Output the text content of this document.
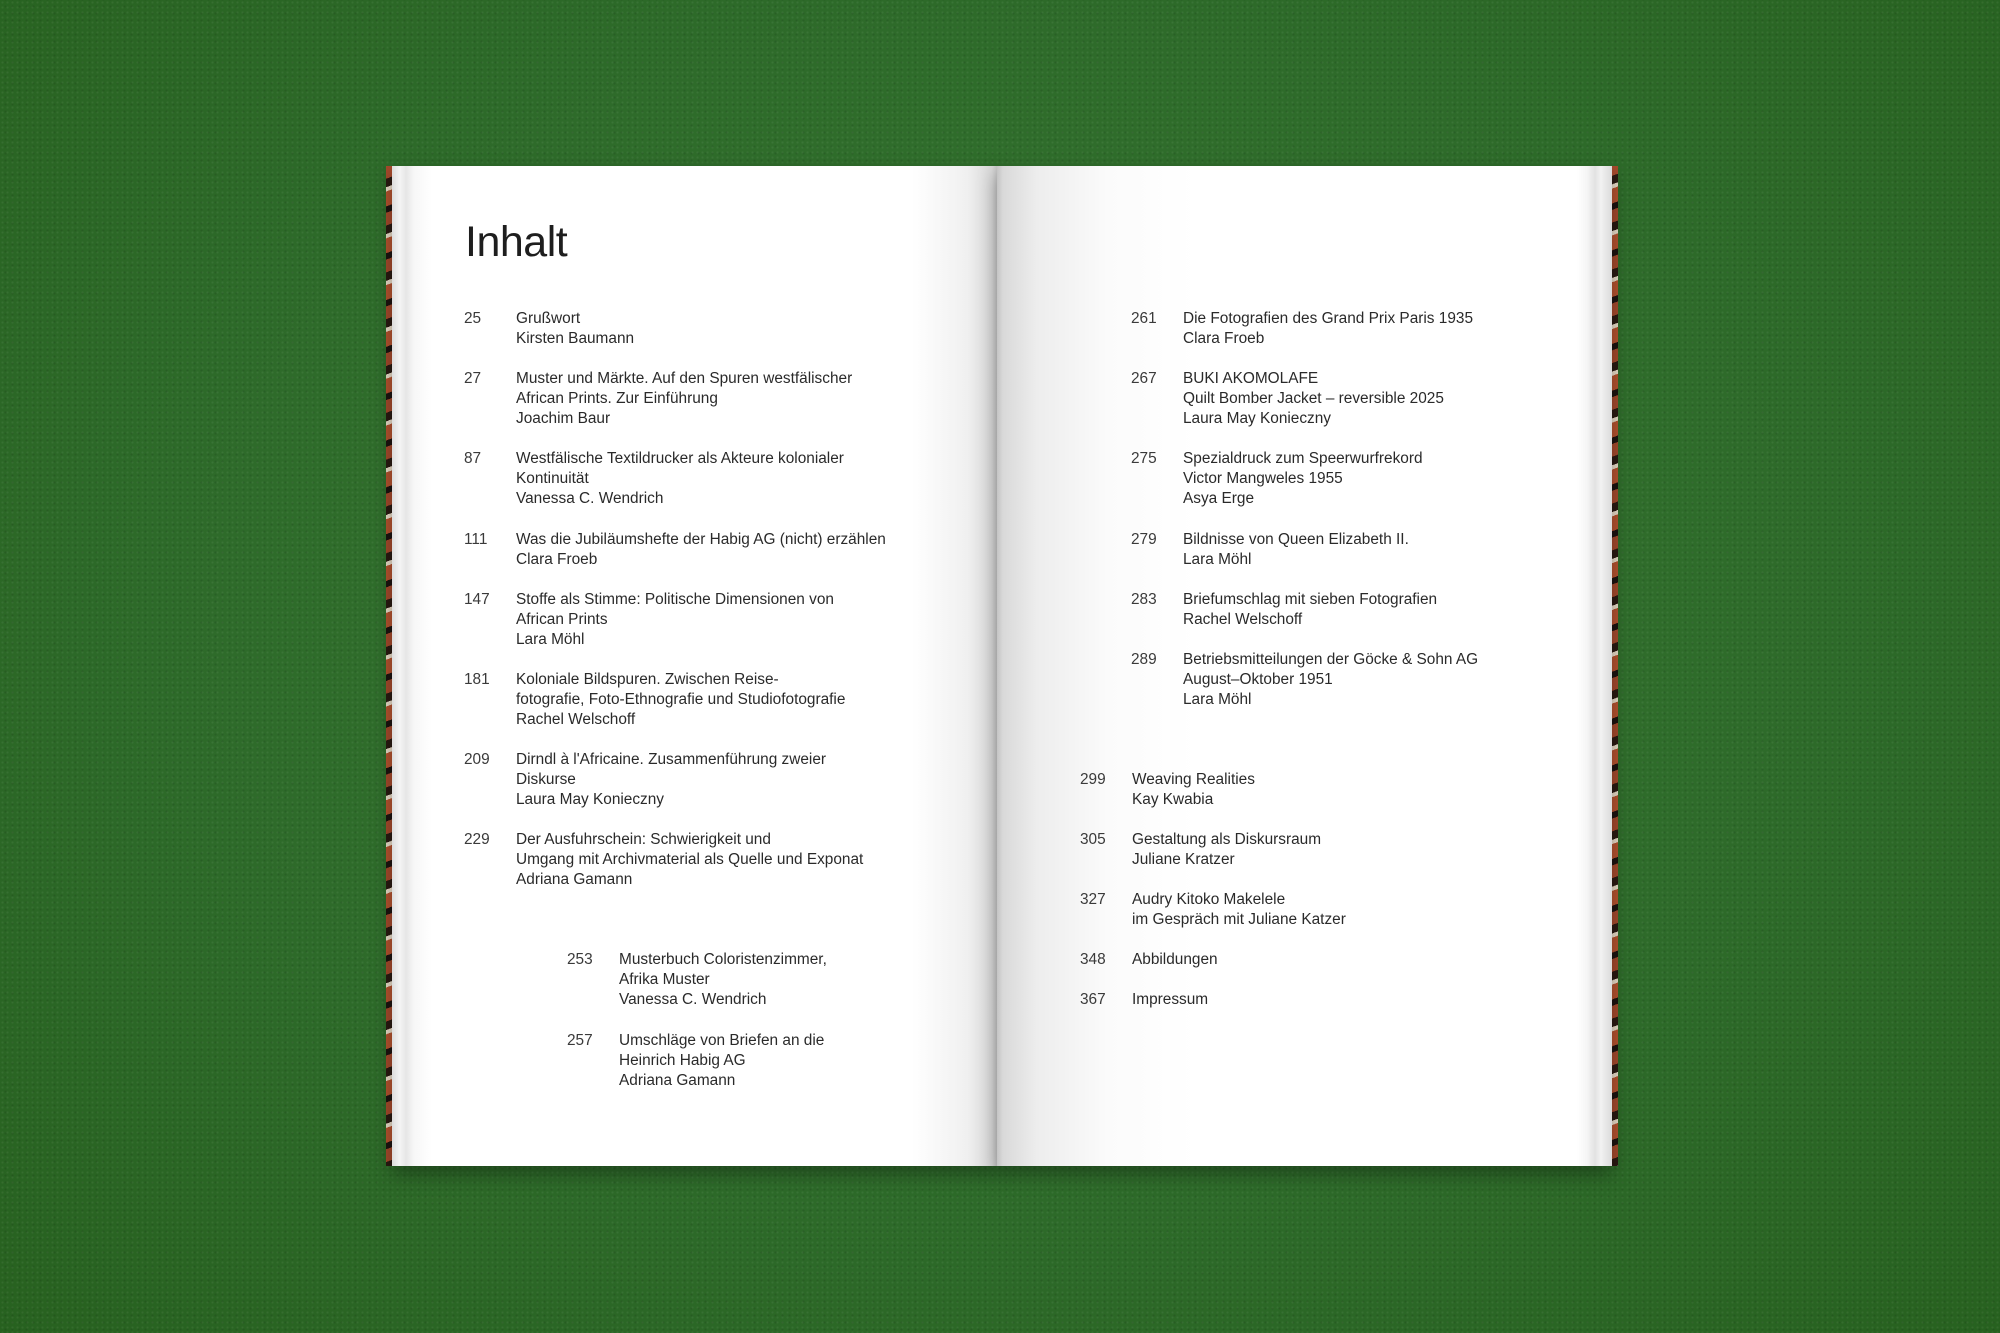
Inhalt
25 Grußwort
Kirsten Baumann
27 Muster und Märkte. Auf den Spuren westfälischer
African Prints. Zur Einführung
Joachim Baur
87 Westfälische Textildrucker als Akteure kolonialer
Kontinuität
Vanessa C. Wendrich
111 Was die Jubiläumshefte der Habig AG (nicht) erzählen
Clara Froeb
147 Stoffe als Stimme: Politische Dimensionen von
African Prints
Lara Möhl
181 Koloniale Bildspuren. Zwischen Reise-
fotografie, Foto-Ethnografie und Studiofotografie
Rachel Welschoff
209 Dirndl à l'Africaine. Zusammenführung zweier
Diskurse
Laura May Konieczny
229 Der Ausfuhrschein: Schwierigkeit und
Umgang mit Archivmaterial als Quelle und Exponat
Adriana Gamann
253 Musterbuch Coloristenzimmer,
Afrika Muster
Vanessa C. Wendrich
257 Umschläge von Briefen an die
Heinrich Habig AG
Adriana Gamann
261 Die Fotografien des Grand Prix Paris 1935
Clara Froeb
267 BUKI AKOMOLAFE
Quilt Bomber Jacket – reversible 2025
Laura May Konieczny
275 Spezialdruck zum Speerwurfrekord
Victor Mangweles 1955
Asya Erge
279 Bildnisse von Queen Elizabeth II.
Lara Möhl
283 Briefumschlag mit sieben Fotografien
Rachel Welschoff
289 Betriebsmitteilungen der Göcke & Sohn AG
August–Oktober 1951
Lara Möhl
299 Weaving Realities
Kay Kwabia
305 Gestaltung als Diskursraum
Juliane Kratzer
327 Audry Kitoko Makelele
im Gespräch mit Juliane Katzer
348 Abbildungen
367 Impressum
